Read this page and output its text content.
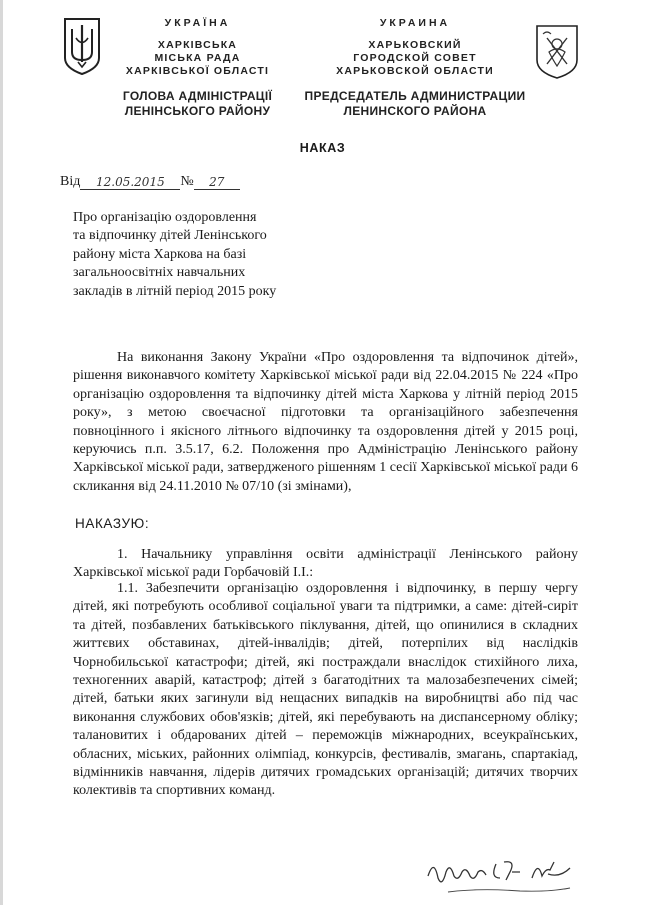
УКРАЇНА
ХАРКІВСЬКА
МІСЬКА РАДА
ХАРКІВСЬКОЇ ОБЛАСТІ
ГОЛОВА АДМІНІСТРАЦІЇ
ЛЕНІНСЬКОГО РАЙОНУ
УКРАИНА
ХАРЬКОВСКИЙ
ГОРОДСКОЙ СОВЕТ
ХАРЬКОВСКОЙ ОБЛАСТИ
ПРЕДСЕДАТЕЛЬ АДМИНИСТРАЦИИ
ЛЕНИНСКОГО РАЙОНА
НАКАЗ
Від 12.05.2015 № 27
Про організацію оздоровлення
та відпочинку дітей Ленінського
району міста Харкова на базі
загальноосвітніх навчальних
закладів в літній період 2015 року
На виконання Закону України «Про оздоровлення та відпочинок дітей», рішення виконавчого комітету Харківської міської ради від 22.04.2015 № 224 «Про організацію оздоровлення та відпочинку дітей міста Харкова у літній період 2015 року», з метою своєчасної підготовки та організаційного забезпечення повноцінного і якісного літнього відпочинку та оздоровлення дітей у 2015 році, керуючись п.п. 3.5.17, 6.2. Положення про Адміністрацію Ленінського району Харківської міської ради, затвердженого рішенням 1 сесії Харківської міської ради 6 скликання від 24.11.2010 № 07/10 (зі змінами),
НАКАЗУЮ:
1. Начальнику управління освіти адміністрації Ленінського району Харківської міської ради Горбачовій І.І.:
1.1. Забезпечити організацію оздоровлення і відпочинку, в першу чергу дітей, які потребують особливої соціальної уваги та підтримки, а саме: дітей-сиріт та дітей, позбавлених батьківського піклування, дітей, що опинилися в складних життєвих обставинах, дітей-інвалідів; дітей, потерпілих від наслідків Чорнобильської катастрофи; дітей, які постраждали внаслідок стихійного лиха, техногенних аварій, катастроф; дітей з багатодітних та малозабезпечених сімей; дітей, батьки яких загинули від нещасних випадків на виробництві або під час виконання службових обов'язків; дітей, які перебувають на диспансерному обліку; талановитих і обдарованих дітей – переможців міжнародних, всеукраїнських, обласних, міських, районних олімпіад, конкурсів, фестивалів, змагань, спартакіад, відмінників навчання, лідерів дитячих громадських організацій; дитячих творчих колективів та спортивних команд.
